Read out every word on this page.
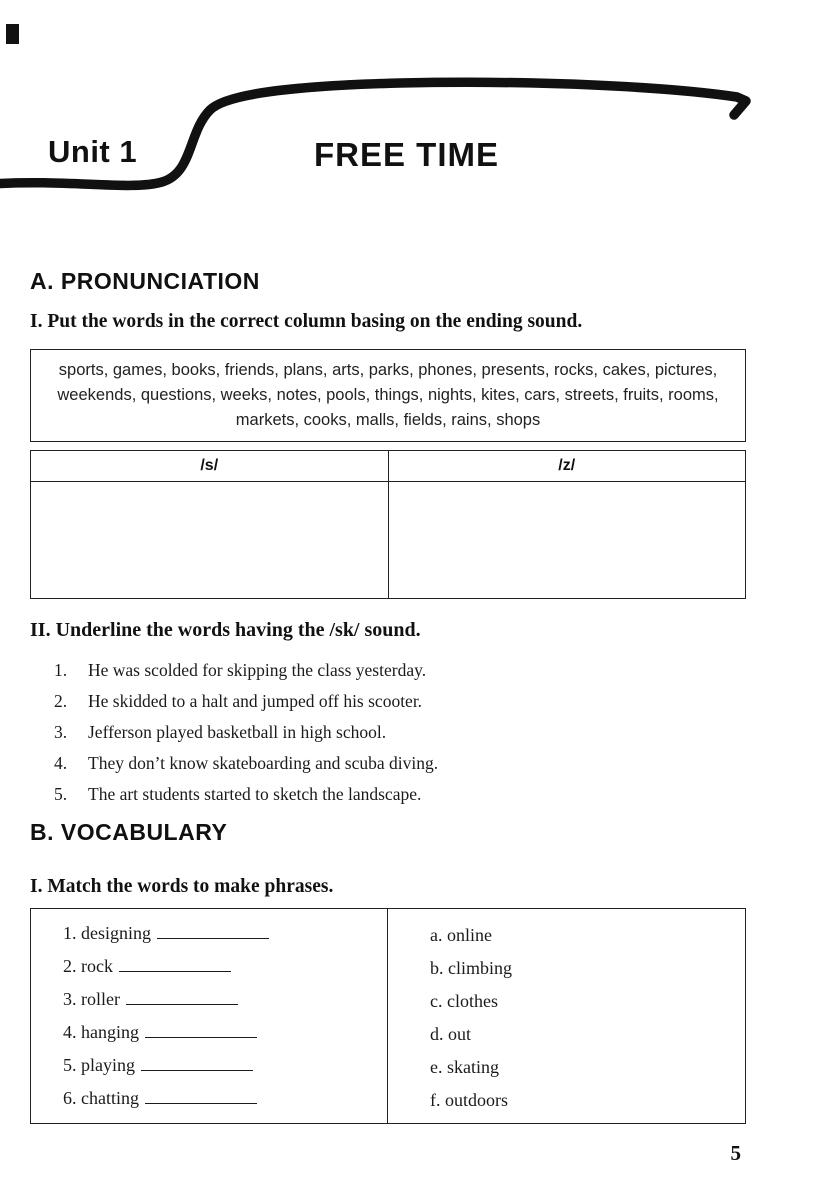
Unit 1	FREE TIME
A. PRONUNCIATION
I. Put the words in the correct column basing on the ending sound.
sports, games, books, friends, plans, arts, parks, phones, presents, rocks, cakes, pictures,
weekends, questions, weeks, notes, pools, things, nights, kites, cars, streets, fruits, rooms,
markets, cooks, malls, fields, rains, shops
/s/	/z/

II. Underline the words having the /sk/ sound.
1.	He was scolded for skipping the class yesterday.
2.	He skidded to a halt and jumped off his scooter.
3.	Jefferson played basketball in high school.
4.	They don’t know skateboarding and scuba diving.
5.	The art students started to sketch the landscape.
B. VOCABULARY
I. Match the words to make phrases.
1. designing
2. rock
3. roller
4. hanging
5. playing
6. chatting
a. online
b. climbing
c. clothes
d. out
e. skating
f. outdoors
5
